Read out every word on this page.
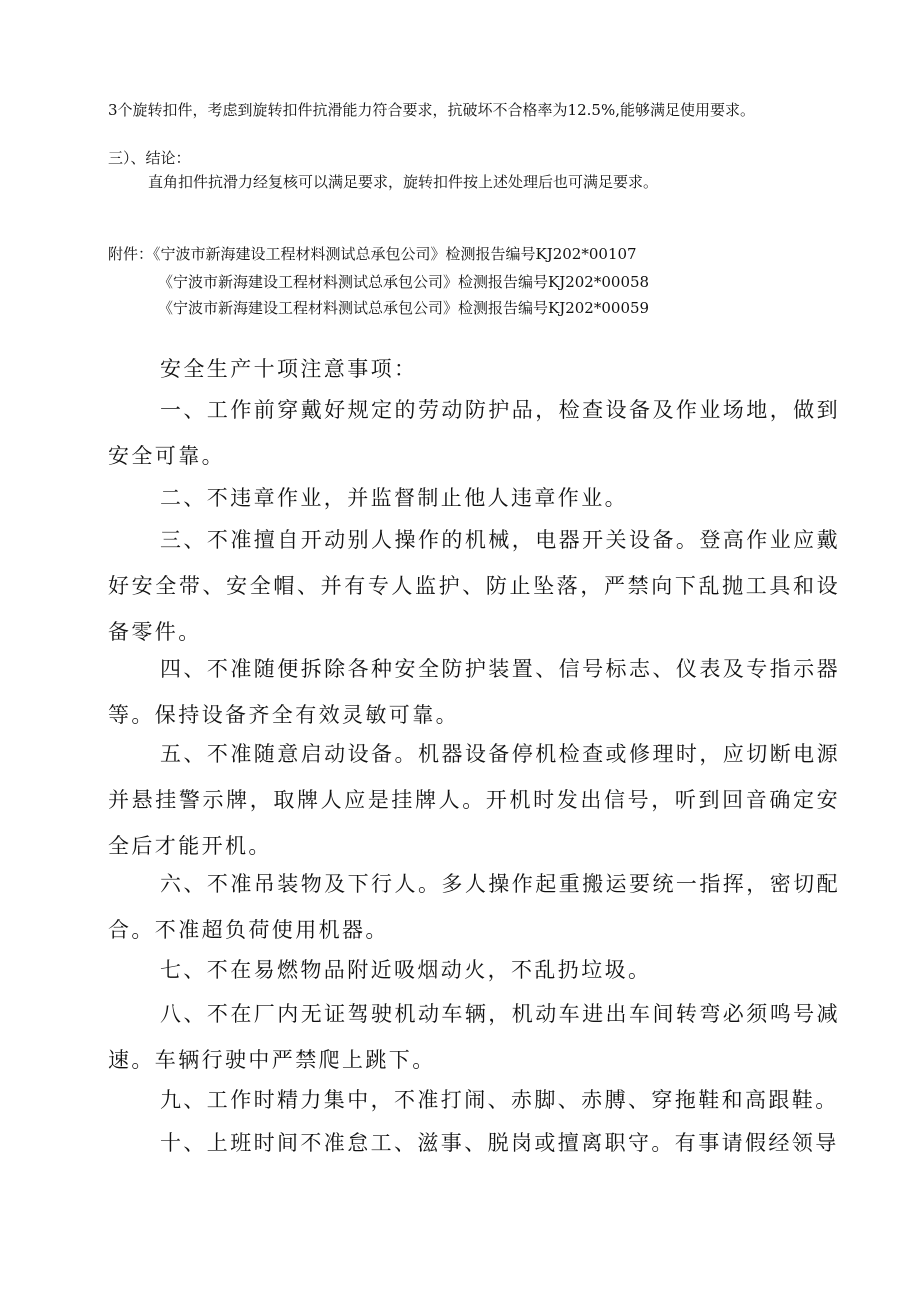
3个旋转扣件，考虑到旋转扣件抗滑能力符合要求，抗破坏不合格率为12.5%,能够满足使用要求。

三）、结论：

直角扣件抗滑力经复核可以满足要求，旋转扣件按上述处理后也可满足要求。

附件：《宁波市新海建设工程材料测试总承包公司》检测报告编号KJ202*00107

《宁波市新海建设工程材料测试总承包公司》检测报告编号KJ202*00058

《宁波市新海建设工程材料测试总承包公司》检测报告编号KJ202*00059

安全生产十项注意事项：

一、工作前穿戴好规定的劳动防护品，检查设备及作业场地，做到安全可靠。

二、不违章作业，并监督制止他人违章作业。

三、不准擅自开动别人操作的机械，电器开关设备。登高作业应戴好安全带、安全帽、并有专人监护、防止坠落，严禁向下乱抛工具和设备零件。

四、不准随便拆除各种安全防护装置、信号标志、仪表及专指示器等。保持设备齐全有效灵敏可靠。

五、不准随意启动设备。机器设备停机检查或修理时，应切断电源并悬挂警示牌，取牌人应是挂牌人。开机时发出信号，听到回音确定安全后才能开机。

六、不准吊装物及下行人。多人操作起重搬运要统一指挥，密切配合。不准超负荷使用机器。

七、不在易燃物品附近吸烟动火，不乱扔垃圾。

八、不在厂内无证驾驶机动车辆，机动车进出车间转弯必须鸣号减速。车辆行驶中严禁爬上跳下。

九、工作时精力集中，不准打闹、赤脚、赤膊、穿拖鞋和高跟鞋。

十、上班时间不准怠工、滋事、脱岗或擅离职守。有事请假经领导
